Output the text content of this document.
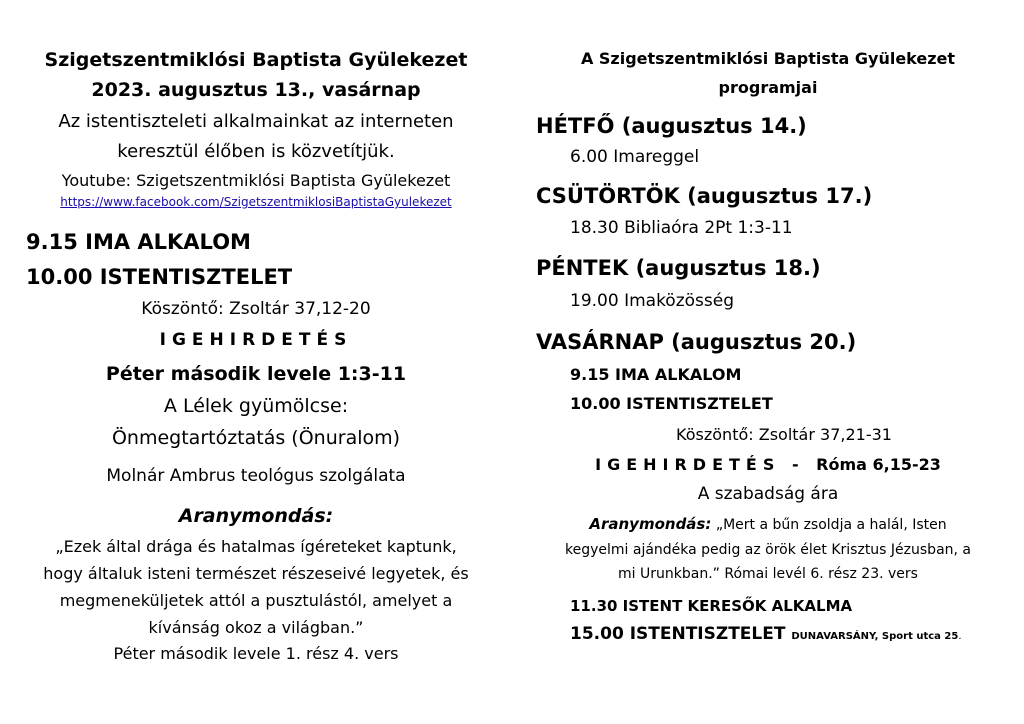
Szigetszentmiklósi Baptista Gyülekezet
2023. augusztus 13., vasárnap
Az istentiszteleti alkalmainkat az interneten
keresztül élőben is közvetítjük.
Youtube: Szigetszentmiklósi Baptista Gyülekezet
https://www.facebook.com/SzigetszentmiklosiBaptistaGyulekezet
9.15 IMA ALKALOM
10.00 ISTENTISZTELET
Köszöntő: Zsoltár 37,12-20
IGEHIRDETÉS
Péter második levele 1:3-11
A Lélek gyümölcse:
Önmegtartóztatás (Önuralom)
Molnár Ambrus teológus szolgálata
Aranymondás:
„Ezek által drága és hatalmas ígéreteket kaptunk,
hogy általuk isteni természet részeseivé legyetek, és
megmeneküljetek attól a pusztulástól, amelyet a
kívánság okoz a világban.”
Péter második levele 1. rész 4. vers
A Szigetszentmiklósi Baptista Gyülekezet
programjai
HÉTFŐ (augusztus 14.)
6.00 Imareggel
CSÜTÖRTÖK (augusztus 17.)
18.30 Bibliaóra 2Pt 1:3-11
PÉNTEK (augusztus 18.)
19.00 Imaközösség
VASÁRNAP (augusztus 20.)
9.15 IMA ALKALOM
10.00 ISTENTISZTELET
Köszöntő: Zsoltár 37,21-31
IGEHIRDETÉS - Róma 6,15-23
A szabadság ára
Aranymondás: „Mert a bűn zsoldja a halál, Isten
kegyelmi ajándéka pedig az örök élet Krisztus Jézusban, a
mi Urunkban.” Római levél 6. rész 23. vers
11.30 ISTENT KERESŐK ALKALMA
15.00 ISTENTISZTELET DUNAVARSÁNY, Sport utca 25.
